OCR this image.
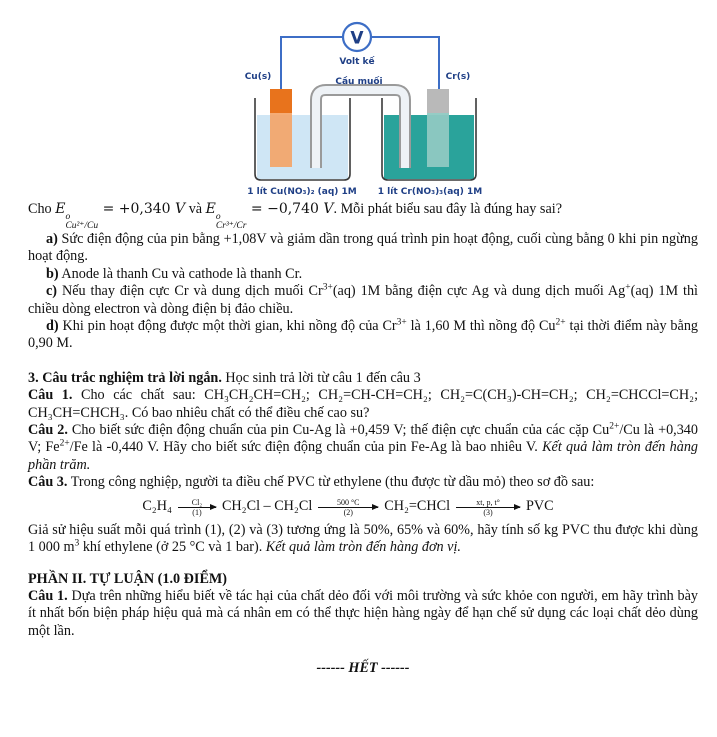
V
Volt kế
Cu(s)	Cr(s)
Cầu muối
1 lít Cu(NO₃)₂ (aq) 1M 1 lít Cr(NO₃)₃(aq) 1M

Cho E o
Cu²⁺/Cu
= +0,340 V và E o
Cr³⁺/Cr
= −0,740 V. Mỗi phát biểu sau đây là đúng hay sai?

a) Sức điện động của pin bằng +1,08V và giảm dần trong quá trình pin hoạt động, cuối cùng bằng 0 khi pin ngừng hoạt động.

b) Anode là thanh Cu và cathode là thanh Cr.

c) Nếu thay điện cực Cr và dung dịch muối $Cr^{3+}(aq)$ 1M bằng điện cực Ag và dung dịch muối Ag+(aq) 1M thì chiều dòng electron và dòng điện bị đảo chiều.

d) Khi pin hoạt động được một thời gian, khi nồng độ của $Cr^{3+}$ là 1,60 M thì nồng độ $Cu^{2+}$ tại thời điểm này bằng 0,90 M.

3. Câu trắc nghiệm trả lời ngắn. Học sinh trả lời từ câu 1 đến câu 3

Câu 1. Cho các chất sau: CH₃CH₂CH=CH₂; CH₂=CH-CH=CH₂; CH₂=C(CH₃)-CH=CH₂; CH₂=CHCCl=CH₂; CH₃CH=CHCH₃. Có bao nhiêu chất có thể điều chế cao su?

Câu 2. Cho biết sức điện động chuẩn của pin Cu-Ag là +0,459 V; thế điện cực chuẩn của các cặp $Cu^{2+}/Cu$ là +0,340 V; $Fe^{2+}/Fe$ là -0,440 V. Hãy cho biết sức điện động chuẩn của pin Fe-Ag là bao nhiêu V. Kết quả làm tròn đến hàng phần trăm.

Câu 3. Trong công nghiệp, người ta điều chế PVC từ ethylene (thu được từ dầu mỏ) theo sơ đồ sau:

C₂H₄ Cl₂
(1) CH₂Cl – CH₂Cl	500 °C
(2) CH₂=CHCl	xt, p, t°
(3) PVC

Giả sử hiệu suất mỗi quá trình (1), (2) và (3) tương ứng là 50%, 65% và 60%, hãy tính số kg PVC thu được khi dùng 1 000 $m^3$ khí ethylene (ở 25 °C và 1 bar). Kết quả làm tròn đến hàng đơn vị.

PHẦN II. TỰ LUẬN (1.0 ĐIỂM)

Câu 1. Dựa trên những hiểu biết về tác hại của chất dẻo đối với môi trường và sức khỏe con người, em hãy trình bày ít nhất bốn biện pháp hiệu quả mà cá nhân em có thể thực hiện hàng ngày để hạn chế sử dụng các loại chất dẻo dùng một lần.

------ HẾT ------
